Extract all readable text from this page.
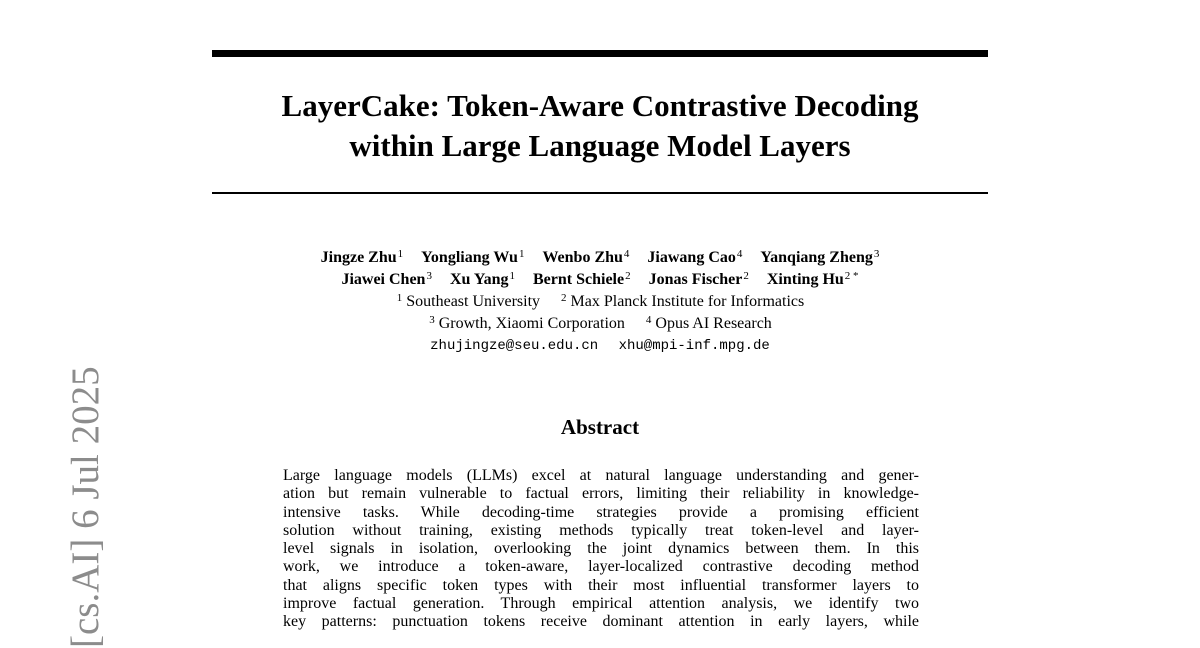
[cs.AI] 6 Jul 2025
LayerCake: Token-Aware Contrastive Decoding
within Large Language Model Layers
Jingze Zhu$^1$ Yongliang Wu$^1$ Wenbo Zhu$^4$ Jiawang Cao$^4$ Yanqiang Zheng$^3$
Jiawei Chen$^3$ Xu Yang$^1$ Bernt Schiele$^2$ Jonas Fischer$^2$ Xinting $Hu^{2 *}$
$^1$ Southeast University $^2$ Max Planck Institute for Informatics
$^3$ Growth, Xiaomi Corporation $^4$ Opus AI Research
zhujingze@seu.edu.cn xhu@mpi-inf.mpg.de
Abstract
Large language models (LLMs) excel at natural language understanding and gener-
ation but remain vulnerable to factual errors, limiting their reliability in knowledge-
intensive tasks. While decoding-time strategies provide a promising efficient
solution without training, existing methods typically treat token-level and layer-
level signals in isolation, overlooking the joint dynamics between them. In this
work, we introduce a token-aware, layer-localized contrastive decoding method
that aligns specific token types with their most influential transformer layers to
improve factual generation. Through empirical attention analysis, we identify two
key patterns: punctuation tokens receive dominant attention in early layers, while
